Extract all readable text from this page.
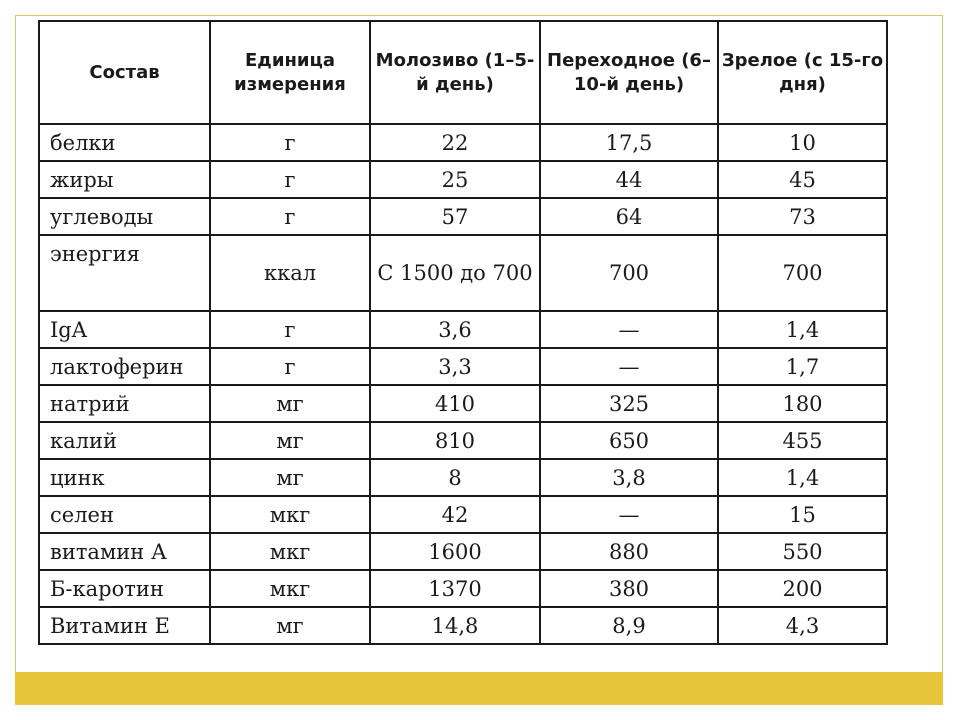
Состав	Единица измерения	Молозиво (1–5-й день)	Переходное (6–10-й день)	Зрелое (с 15-го дня)
белки	г	22	17,5	10
жиры	г	25	44	45
углеводы	г	57	64	73
энергия	ккал	С 1500 до 700	700	700
IgA	г	3,6	—	1,4
лактоферин	г	3,3	—	1,7
натрий	мг	410	325	180
калий	мг	810	650	455
цинк	мг	8	3,8	1,4
селен	мкг	42	—	15
витамин А	мкг	1600	880	550
Б-каротин	мкг	1370	380	200
Витамин Е	мг	14,8	8,9	4,3
